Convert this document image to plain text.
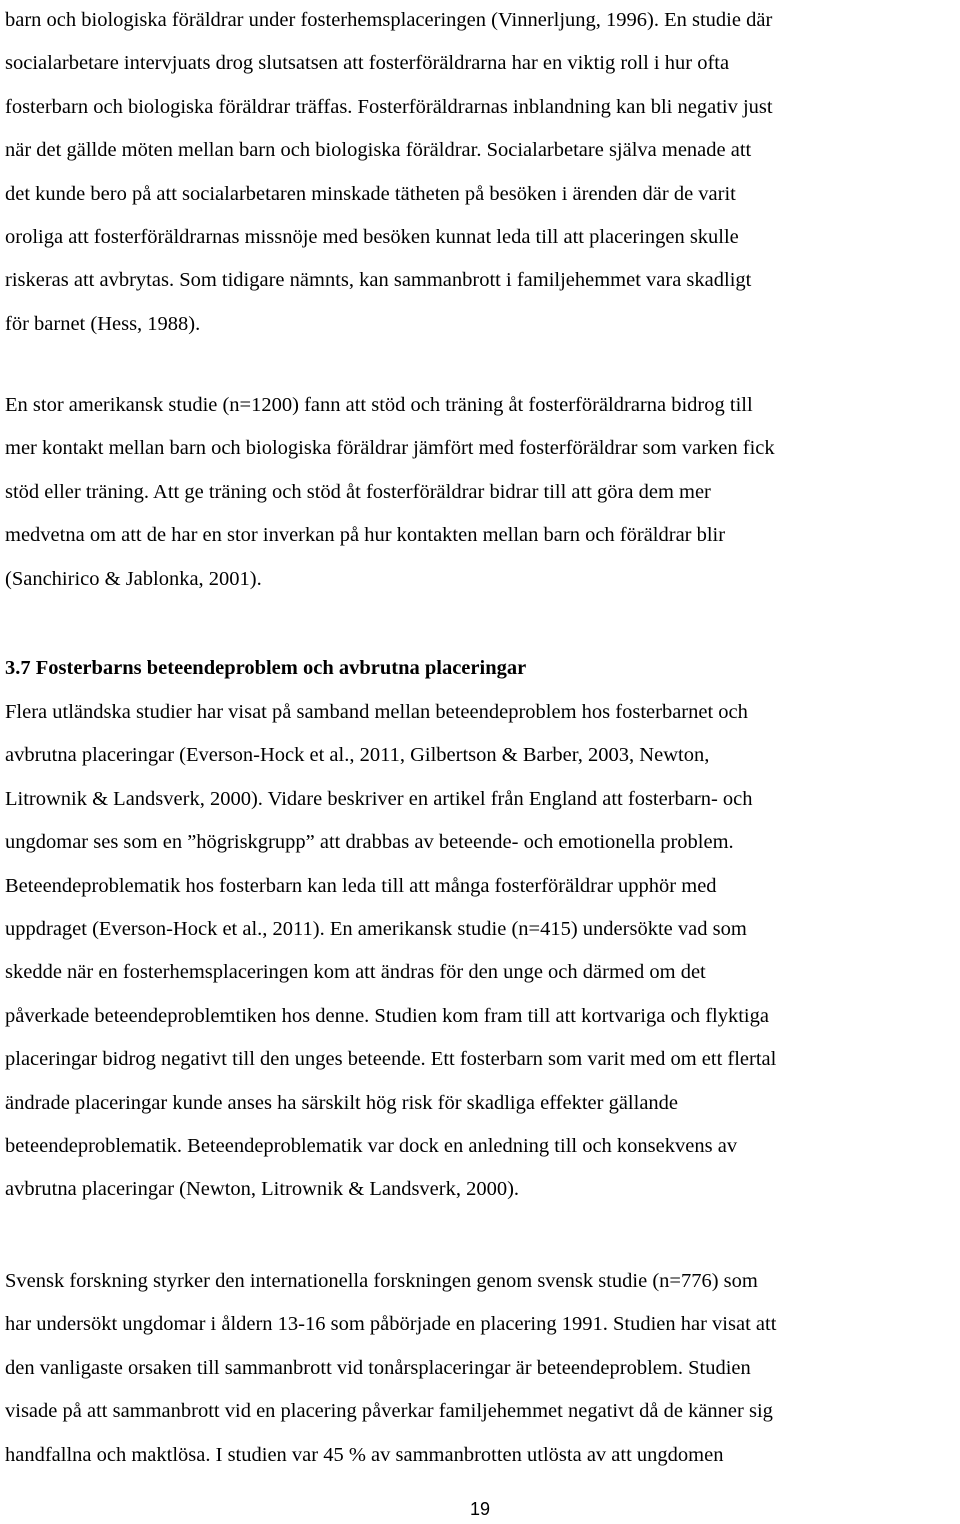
barn och biologiska föräldrar under fosterhemsplaceringen (Vinnerljung, 1996). En studie där
socialarbetare intervjuats drog slutsatsen att fosterföräldrarna har en viktig roll i hur ofta
fosterbarn och biologiska föräldrar träffas. Fosterföräldrarnas inblandning kan bli negativ just
när det gällde möten mellan barn och biologiska föräldrar. Socialarbetare själva menade att
det kunde bero på att socialarbetaren minskade tätheten på besöken i ärenden där de varit
oroliga att fosterföräldrarnas missnöje med besöken kunnat leda till att placeringen skulle
riskeras att avbrytas. Som tidigare nämnts, kan sammanbrott i familjehemmet vara skadligt
för barnet (Hess, 1988).
En stor amerikansk studie (n=1200) fann att stöd och träning åt fosterföräldrarna bidrog till
mer kontakt mellan barn och biologiska föräldrar jämfört med fosterföräldrar som varken fick
stöd eller träning. Att ge träning och stöd åt fosterföräldrar bidrar till att göra dem mer
medvetna om att de har en stor inverkan på hur kontakten mellan barn och föräldrar blir
(Sanchirico & Jablonka, 2001).
3.7 Fosterbarns beteendeproblem och avbrutna placeringar
Flera utländska studier har visat på samband mellan beteendeproblem hos fosterbarnet och
avbrutna placeringar (Everson-Hock et al., 2011, Gilbertson & Barber, 2003, Newton,
Litrownik & Landsverk, 2000). Vidare beskriver en artikel från England att fosterbarn- och
ungdomar ses som en ”högriskgrupp” att drabbas av beteende- och emotionella problem.
Beteendeproblematik hos fosterbarn kan leda till att många fosterföräldrar upphör med
uppdraget (Everson-Hock et al., 2011). En amerikansk studie (n=415) undersökte vad som
skedde när en fosterhemsplaceringen kom att ändras för den unge och därmed om det
påverkade beteendeproblemtiken hos denne. Studien kom fram till att kortvariga och flyktiga
placeringar bidrog negativt till den unges beteende. Ett fosterbarn som varit med om ett flertal
ändrade placeringar kunde anses ha särskilt hög risk för skadliga effekter gällande
beteendeproblematik. Beteendeproblematik var dock en anledning till och konsekvens av
avbrutna placeringar (Newton, Litrownik & Landsverk, 2000).
Svensk forskning styrker den internationella forskningen genom svensk studie (n=776) som
har undersökt ungdomar i åldern 13-16 som påbörjade en placering 1991. Studien har visat att
den vanligaste orsaken till sammanbrott vid tonårsplaceringar är beteendeproblem. Studien
visade på att sammanbrott vid en placering påverkar familjehemmet negativt då de känner sig
handfallna och maktlösa. I studien var 45 % av sammanbrotten utlösta av att ungdomen
19
